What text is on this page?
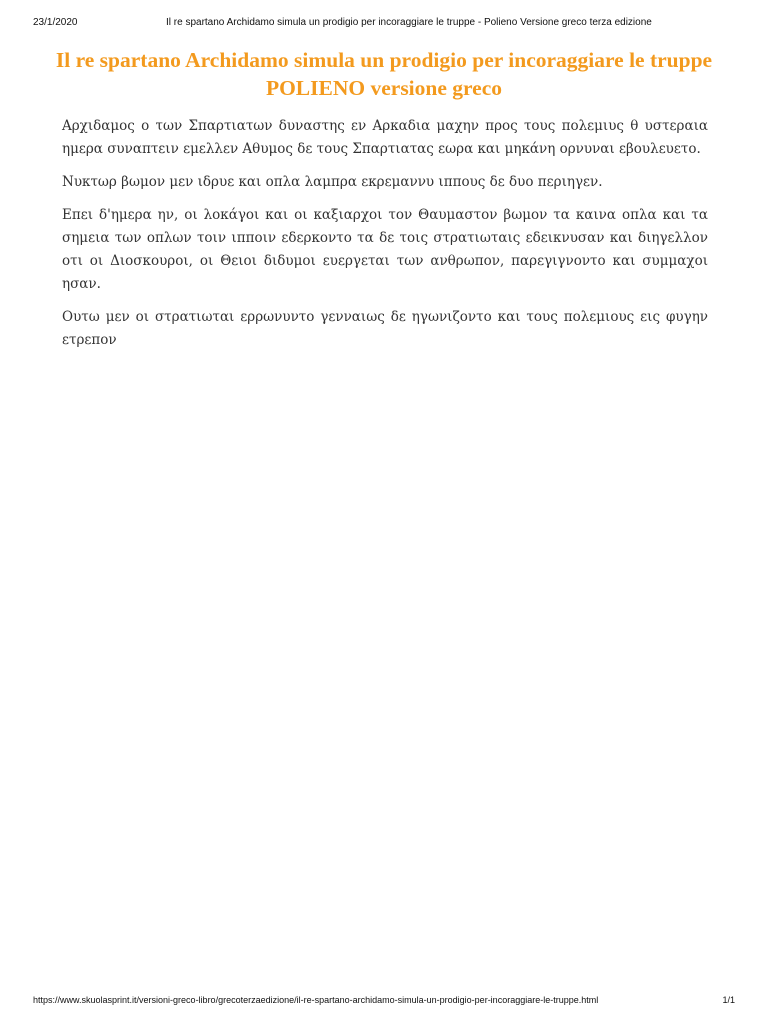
23/1/2020	Il re spartano Archidamo simula un prodigio per incoraggiare le truppe - Polieno Versione greco terza edizione
Il re spartano Archidamo simula un prodigio per incoraggiare le truppe POLIENO versione greco

Αρχιδαμος ο των Σπαρτιατων δυναστης εν Αρκαδια μαχην προς τους πολεμιυς θ υστεραια ημερα συναπτειν εμελλεν Αθυμος δε τους Σπαρτιατας εωρα και μηκάνη ορνυναι εβουλευετο.

Νυκτωρ βωμον μεν ιδρυε και οπλα λαμπρα εκρεμαννυ ιππους δε δυο περιηγεν.

Επει δ'ημερα ην, οι λοκάγοι και οι καξιαρχοι τον Θαυμαστον βωμον τα καινα οπλα και τα σημεια των οπλων τοιν ιπποιν εδερκοντο τα δε τοις στρατιωταις εδεικνυσαν και διηγελλον οτι οι Διοσκουροι, οι Θειοι διδυμοι ευεργεται των ανθρωπον, παρεγιγνοντο και συμμαχοι ησαν.

Ουτω μεν οι στρατιωται ερρωνυντο γενναιως δε ηγωνιζοντο και τους πολεμιους εις φυγην ετρεπον

https://www.skuolasprint.it/versioni-greco-libro/grecoterzaedizione/il-re-spartano-archidamo-simula-un-prodigio-per-incoraggiare-le-truppe.html	1/1
